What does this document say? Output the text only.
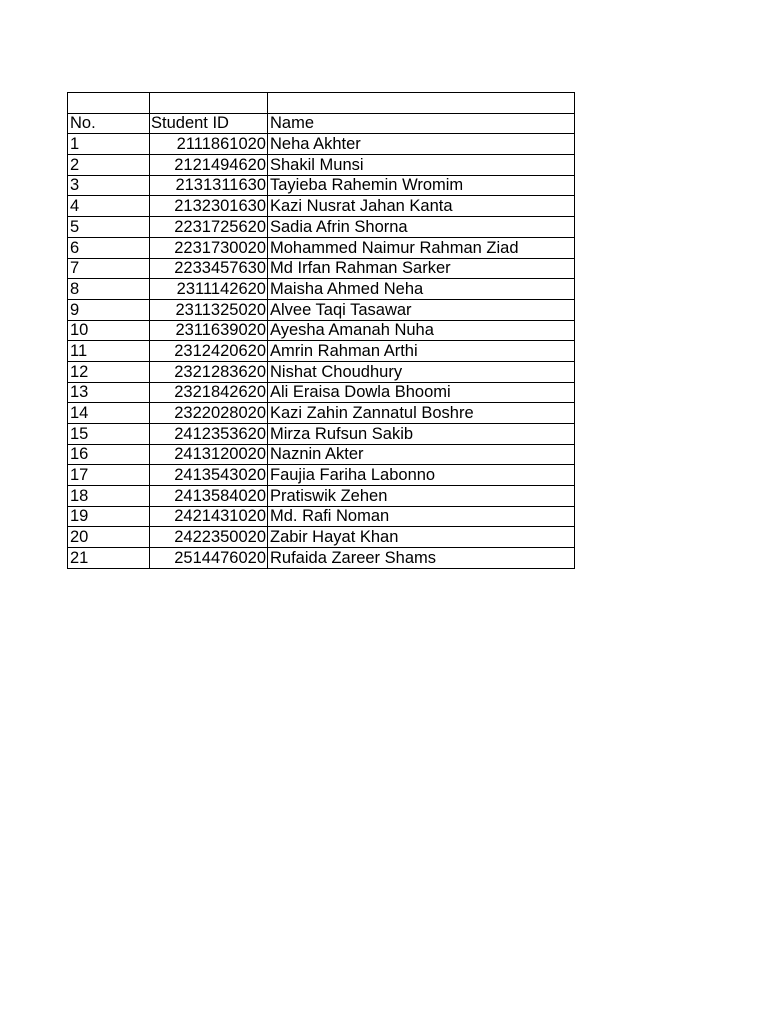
No.	Student ID	Name
1	2111861020	Neha Akhter
2	2121494620	Shakil Munsi
3	2131311630	Tayieba Rahemin Wromim
4	2132301630	Kazi Nusrat Jahan Kanta
5	2231725620	Sadia Afrin Shorna
6	2231730020	Mohammed Naimur Rahman Ziad
7	2233457630	Md Irfan Rahman Sarker
8	2311142620	Maisha Ahmed Neha
9	2311325020	Alvee Taqi Tasawar
10	2311639020	Ayesha Amanah Nuha
11	2312420620	Amrin Rahman Arthi
12	2321283620	Nishat Choudhury
13	2321842620	Ali Eraisa Dowla Bhoomi
14	2322028020	Kazi Zahin Zannatul Boshre
15	2412353620	Mirza Rufsun Sakib
16	2413120020	Naznin Akter
17	2413543020	Faujia Fariha Labonno
18	2413584020	Pratiswik Zehen
19	2421431020	Md. Rafi Noman
20	2422350020	Zabir Hayat Khan
21	2514476020	Rufaida Zareer Shams
